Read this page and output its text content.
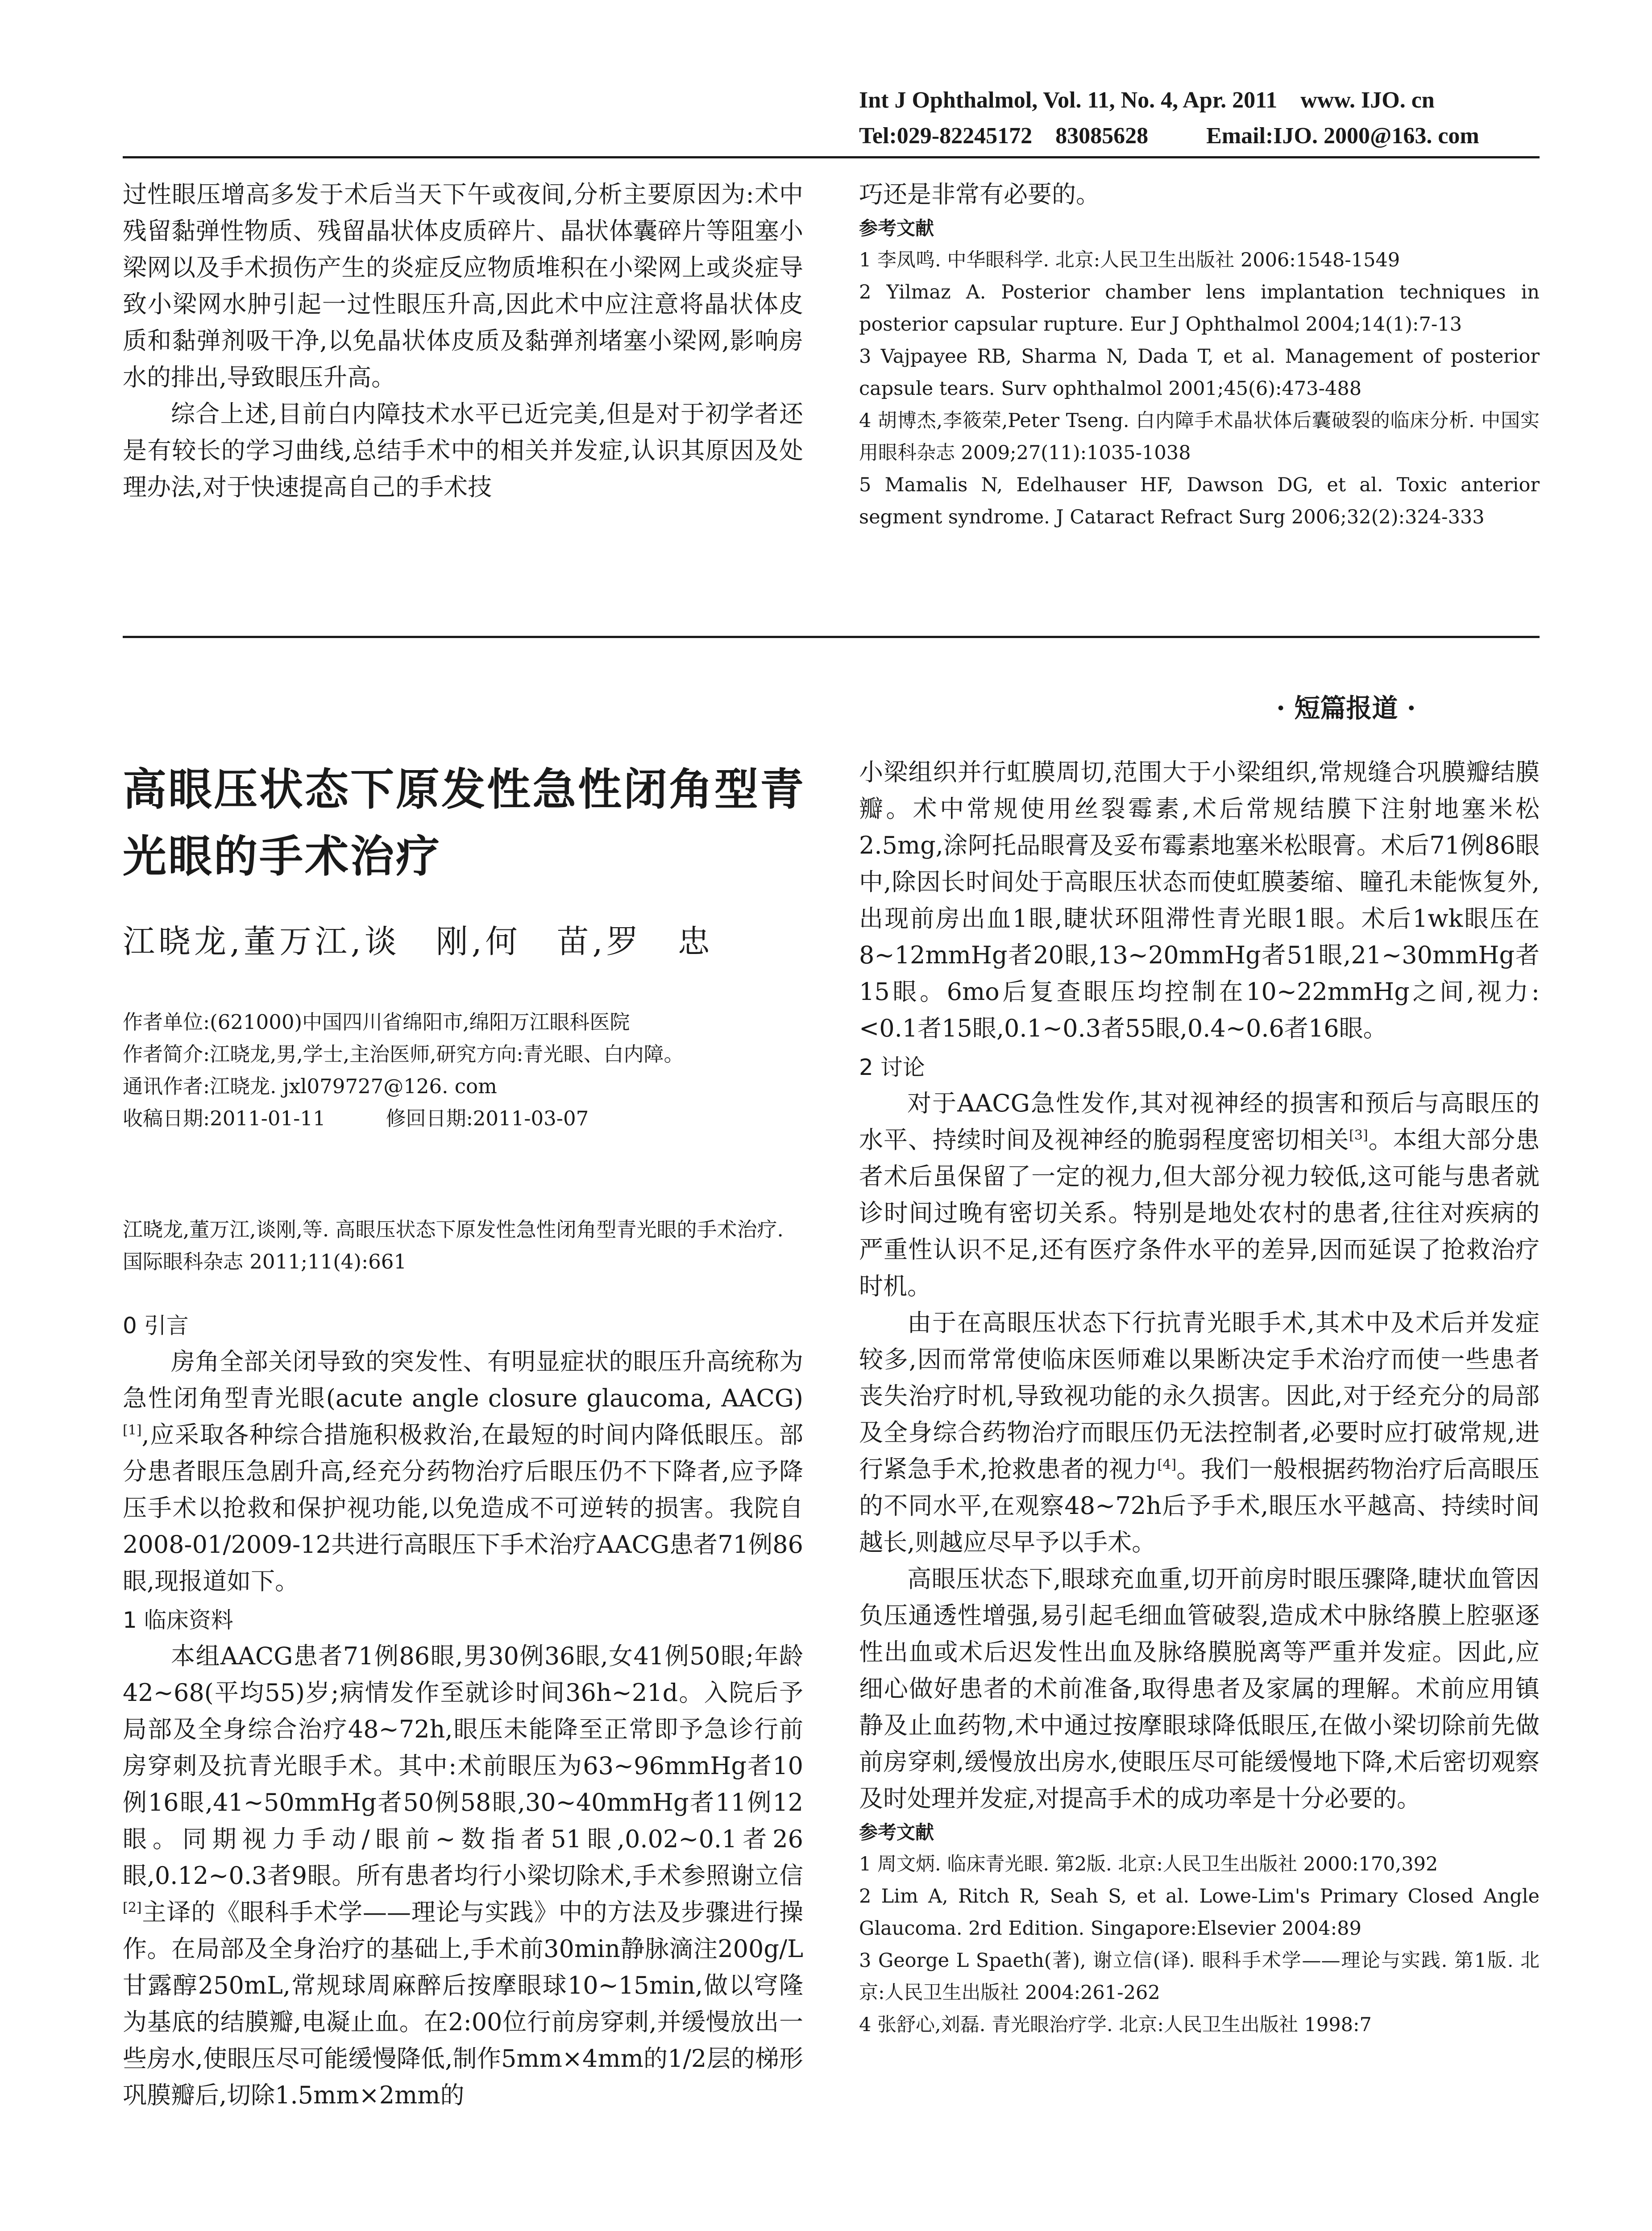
Int J Ophthalmol, Vol. 11, No. 4, Apr. 2011    www. IJO. cn
Tel:029-82245172    83085628          Email:IJO. 2000@163. com

过性眼压增高多发于术后当天下午或夜间,分析主要原因为:术中残留黏弹性物质、残留晶状体皮质碎片、晶状体囊碎片等阻塞小梁网以及手术损伤产生的炎症反应物质堆积在小梁网上或炎症导致小梁网水肿引起一过性眼压升高,因此术中应注意将晶状体皮质和黏弹剂吸干净,以免晶状体皮质及黏弹剂堵塞小梁网,影响房水的排出,导致眼压升高。

综合上述,目前白内障技术水平已近完美,但是对于初学者还是有较长的学习曲线,总结手术中的相关并发症,认识其原因及处理办法,对于快速提高自己的手术技

巧还是非常有必要的。

参考文献

1 李凤鸣. 中华眼科学. 北京:人民卫生出版社 2006:1548-1549

2 Yilmaz A. Posterior chamber lens implantation techniques in posterior capsular rupture. Eur J Ophthalmol 2004;14(1):7-13

3 Vajpayee RB, Sharma N, Dada T, et al. Management of posterior capsule tears. Surv ophthalmol 2001;45(6):473-488

4 胡博杰,李筱荣,Peter Tseng. 白内障手术晶状体后囊破裂的临床分析. 中国实用眼科杂志 2009;27(11):1035-1038

5 Mamalis N, Edelhauser HF, Dawson DG, et al. Toxic anterior segment syndrome. J Cataract Refract Surg 2006;32(2):324-333

· 短篇报道 ·
高眼压状态下原发性急性闭角型青光眼的手术治疗
江晓龙,董万江,谈　刚,何　苗,罗　忠
作者单位:(621000)中国四川省绵阳市,绵阳万江眼科医院
作者简介:江晓龙,男,学士,主治医师,研究方向:青光眼、白内障。
通讯作者:江晓龙. jxl079727@126. com
收稿日期:2011-01-11　　　修回日期:2011-03-07
江晓龙,董万江,谈刚,等. 高眼压状态下原发性急性闭角型青光眼的手术治疗. 国际眼科杂志 2011;11(4):661
0 引言

房角全部关闭导致的突发性、有明显症状的眼压升高统称为急性闭角型青光眼(acute angle closure glaucoma, AACG)[1],应采取各种综合措施积极救治,在最短的时间内降低眼压。部分患者眼压急剧升高,经充分药物治疗后眼压仍不下降者,应予降压手术以抢救和保护视功能,以免造成不可逆转的损害。我院自2008-01/2009-12共进行高眼压下手术治疗AACG患者71例86眼,现报道如下。

1 临床资料

本组AACG患者71例86眼,男30例36眼,女41例50眼;年龄42~68(平均55)岁;病情发作至就诊时间36h~21d。入院后予局部及全身综合治疗48~72h,眼压未能降至正常即予急诊行前房穿刺及抗青光眼手术。其中:术前眼压为63~96mmHg者10例16眼,41~50mmHg者50例58眼,30~40mmHg者11例12眼。同期视力手动/眼前~数指者51眼,0.02~0.1者26眼,0.12~0.3者9眼。所有患者均行小梁切除术,手术参照谢立信[2]主译的《眼科手术学——理论与实践》中的方法及步骤进行操作。在局部及全身治疗的基础上,手术前30min静脉滴注200g/L甘露醇250mL,常规球周麻醉后按摩眼球10~15min,做以穹隆为基底的结膜瓣,电凝止血。在2:00位行前房穿刺,并缓慢放出一些房水,使眼压尽可能缓慢降低,制作5mm×4mm的1/2层的梯形巩膜瓣后,切除1.5mm×2mm的

小梁组织并行虹膜周切,范围大于小梁组织,常规缝合巩膜瓣结膜瓣。术中常规使用丝裂霉素,术后常规结膜下注射地塞米松2.5mg,涂阿托品眼膏及妥布霉素地塞米松眼膏。术后71例86眼中,除因长时间处于高眼压状态而使虹膜萎缩、瞳孔未能恢复外,出现前房出血1眼,睫状环阻滞性青光眼1眼。术后1wk眼压在8~12mmHg者20眼,13~20mmHg者51眼,21~30mmHg者15眼。6mo后复查眼压均控制在10~22mmHg之间,视力:<0.1者15眼,0.1~0.3者55眼,0.4~0.6者16眼。

2 讨论

对于AACG急性发作,其对视神经的损害和预后与高眼压的水平、持续时间及视神经的脆弱程度密切相关[3]。本组大部分患者术后虽保留了一定的视力,但大部分视力较低,这可能与患者就诊时间过晚有密切关系。特别是地处农村的患者,往往对疾病的严重性认识不足,还有医疗条件水平的差异,因而延误了抢救治疗时机。

由于在高眼压状态下行抗青光眼手术,其术中及术后并发症较多,因而常常使临床医师难以果断决定手术治疗而使一些患者丧失治疗时机,导致视功能的永久损害。因此,对于经充分的局部及全身综合药物治疗而眼压仍无法控制者,必要时应打破常规,进行紧急手术,抢救患者的视力[4]。我们一般根据药物治疗后高眼压的不同水平,在观察48~72h后予手术,眼压水平越高、持续时间越长,则越应尽早予以手术。

高眼压状态下,眼球充血重,切开前房时眼压骤降,睫状血管因负压通透性增强,易引起毛细血管破裂,造成术中脉络膜上腔驱逐性出血或术后迟发性出血及脉络膜脱离等严重并发症。因此,应细心做好患者的术前准备,取得患者及家属的理解。术前应用镇静及止血药物,术中通过按摩眼球降低眼压,在做小梁切除前先做前房穿刺,缓慢放出房水,使眼压尽可能缓慢地下降,术后密切观察及时处理并发症,对提高手术的成功率是十分必要的。

参考文献

1 周文炳. 临床青光眼. 第2版. 北京:人民卫生出版社 2000:170,392

2 Lim A, Ritch R, Seah S, et al. Lowe-Lim's Primary Closed Angle Glaucoma. 2rd Edition. Singapore:Elsevier 2004:89

3 George L Spaeth(著), 谢立信(译). 眼科手术学——理论与实践. 第1版. 北京:人民卫生出版社 2004:261-262

4 张舒心,刘磊. 青光眼治疗学. 北京:人民卫生出版社 1998:7
